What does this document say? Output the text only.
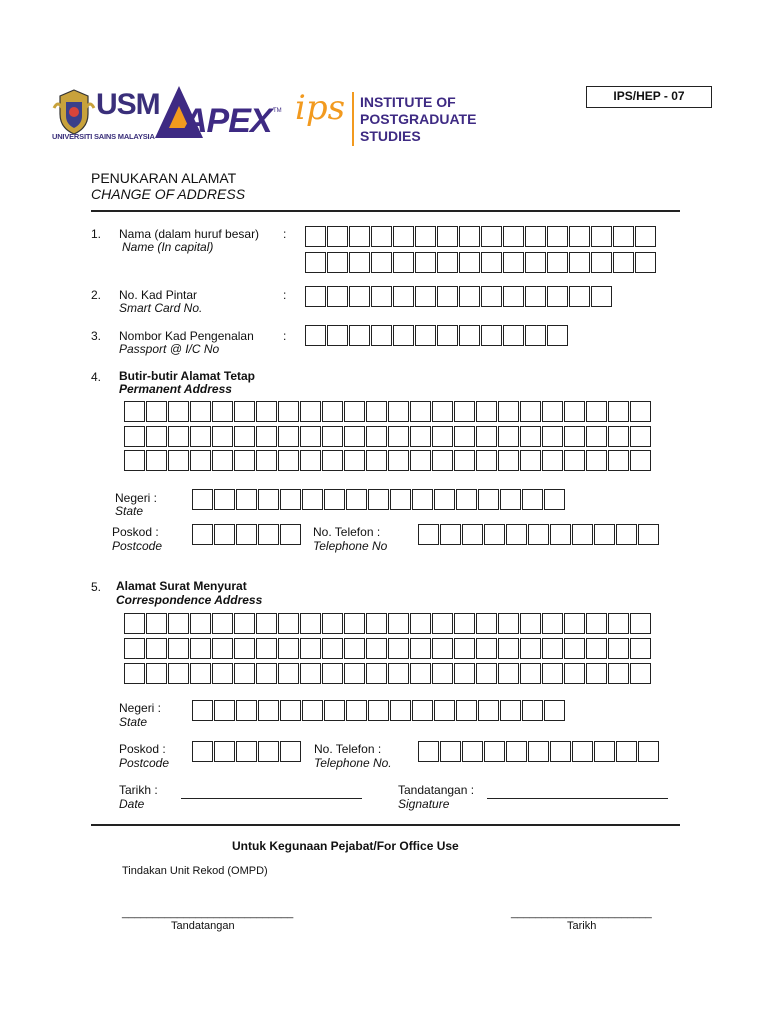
IPS/HEP - 07
USM
UNIVERSITI SAINS MALAYSIA APEX TM ips INSTITUTE OF
POSTGRADUATE
STUDIES
PENUKARAN ALAMAT
CHANGE OF ADDRESS
1. Nama (dalam huruf besar)
Name (In capital)
:
2. No. Kad Pintar
Smart Card No.
:
3. Nombor Kad Pengenalan
Passport @ I/C No
:
4. Butir-butir Alamat Tetap
Permanent Address
Negeri :
State
Poskod :
Postcode
No. Telefon :
Telephone No
5. Alamat Surat Menyurat
Correspondence Address
Negeri :
State
Poskod :
Postcode
No. Telefon :
Telephone No.
Tarikh :
Date
Tandatangan :
Signature
Untuk Kegunaan Pejabat/For Office Use
Tindakan Unit Rekod (OMPD)
____________________________
Tandatangan
_______________________
Tarikh
